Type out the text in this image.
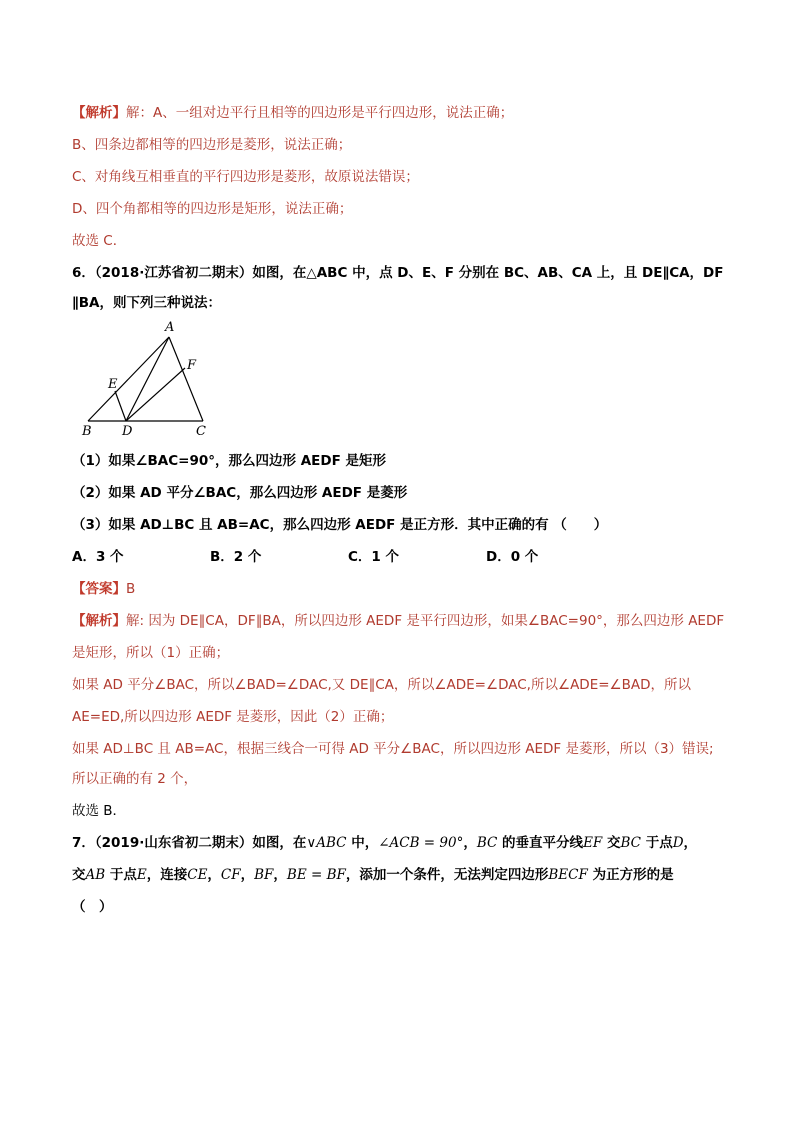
【解析】解：A、一组对边平行且相等的四边形是平行四边形，说法正确；
B、四条边都相等的四边形是菱形，说法正确；
C、对角线互相垂直的平行四边形是菱形，故原说法错误；
D、四个角都相等的四边形是矩形，说法正确；
故选 C．
6．（2018·江苏省初二期末）如图，在△ABC 中，点 D、E、F 分别在 BC、AB、CA 上，且 DE∥CA，DF
∥BA，则下列三种说法：
A
B	C
D
E
F
（1）如果∠BAC=90°，那么四边形 AEDF 是矩形
（2）如果 AD 平分∠BAC，那么四边形 AEDF 是菱形
（3）如果 AD⊥BC 且 AB=AC，那么四边形 AEDF 是正方形．其中正确的有 （　　）
A．3 个	B．2 个	C．1 个	D．0 个
【答案】B
【解析】解: 因为 DE∥CA，DF∥BA，所以四边形 AEDF 是平行四边形，如果∠BAC=90°，那么四边形 AEDF
是矩形，所以（1）正确；
如果 AD 平分∠BAC，所以∠BAD=∠DAC,又 DE∥CA，所以∠ADE=∠DAC,所以∠ADE=∠BAD，所以
AE=ED,所以四边形 AEDF 是菱形，因此（2）正确；
如果 AD⊥BC 且 AB=AC，根据三线合一可得 AD 平分∠BAC，所以四边形 AEDF 是菱形，所以（3）错误;
所以正确的有 2 个，
故选 B．
7．（2019·山东省初二期末）如图，在∨ABC 中，∠ACB = 90°，BC 的垂直平分线EF 交BC 于点D，
交AB 于点E，连接CE，CF，BF，BE = BF，添加一个条件，无法判定四边形BECF 为正方形的是
（　）
